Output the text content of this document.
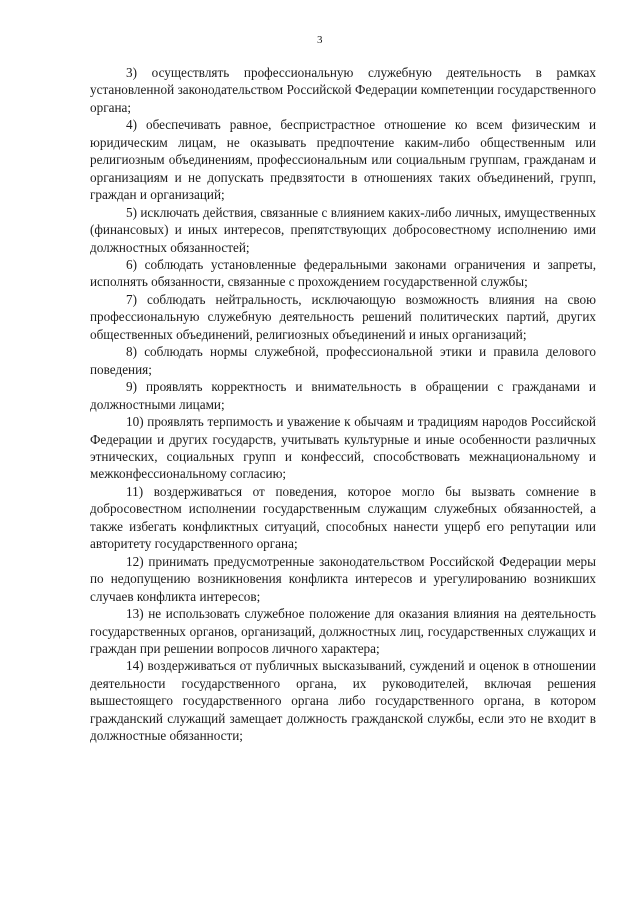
3

3) осуществлять профессиональную служебную деятельность в рамках установленной законодательством Российской Федерации компетенции государственного органа;

4) обеспечивать равное, беспристрастное отношение ко всем физическим и юридическим лицам, не оказывать предпочтение каким-либо общественным или религиозным объединениям, профессиональным или социальным группам, гражданам и организациям и не допускать предвзятости в отношениях таких объединений, групп, граждан и организаций;

5) исключать действия, связанные с влиянием каких-либо личных, имущественных (финансовых) и иных интересов, препятствующих добросовестному исполнению ими должностных обязанностей;

6) соблюдать установленные федеральными законами ограничения и запреты, исполнять обязанности, связанные с прохождением государственной службы;

7) соблюдать нейтральность, исключающую возможность влияния на свою профессиональную служебную деятельность решений политических партий, других общественных объединений, религиозных объединений и иных организаций;

8) соблюдать нормы служебной, профессиональной этики и правила делового поведения;

9) проявлять корректность и внимательность в обращении с гражданами и должностными лицами;

10) проявлять терпимость и уважение к обычаям и традициям народов Российской Федерации и других государств, учитывать культурные и иные особенности различных этнических, социальных групп и конфессий, способствовать межнациональному и межконфессиональному согласию;

11) воздерживаться от поведения, которое могло бы вызвать сомнение в добросовестном исполнении государственным служащим служебных обязанностей, а также избегать конфликтных ситуаций, способных нанести ущерб его репутации или авторитету государственного органа;

12) принимать предусмотренные законодательством Российской Федерации меры по недопущению возникновения конфликта интересов и урегулированию возникших случаев конфликта интересов;

13) не использовать служебное положение для оказания влияния на деятельность государственных органов, организаций, должностных лиц, государственных служащих и граждан при решении вопросов личного характера;

14) воздерживаться от публичных высказываний, суждений и оценок в отношении деятельности государственного органа, их руководителей, включая решения вышестоящего государственного органа либо государственного органа, в котором гражданский служащий замещает должность гражданской службы, если это не входит в должностные обязанности;
